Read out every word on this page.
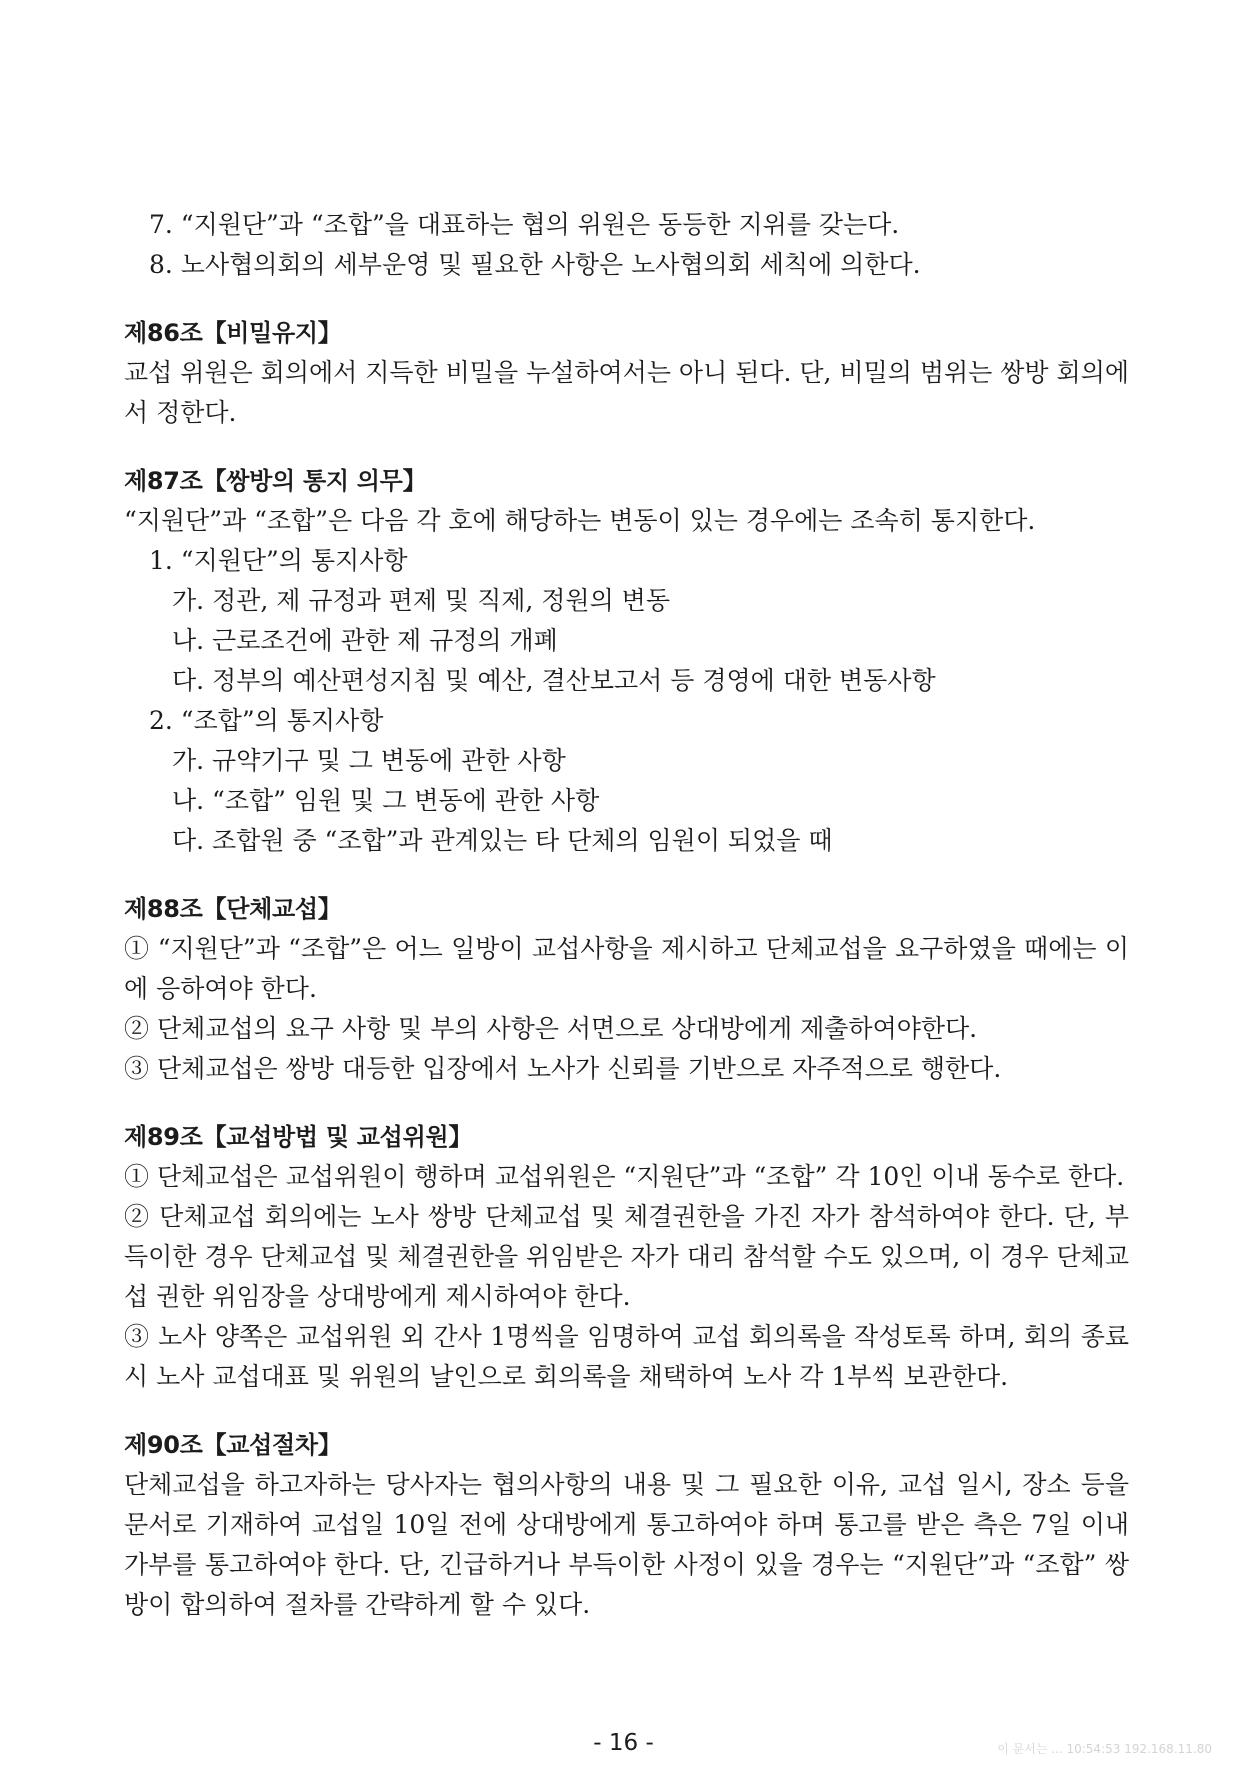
7. “지원단”과 “조합”을 대표하는 협의 위원은 동등한 지위를 갖는다.

8. 노사협의회의 세부운영 및 필요한 사항은 노사협의회 세칙에 의한다.

제86조【비밀유지】

교섭 위원은 회의에서 지득한 비밀을 누설하여서는 아니 된다. 단, 비밀의 범위는 쌍방 회의에서 정한다.

제87조【쌍방의 통지 의무】

“지원단”과 “조합”은 다음 각 호에 해당하는 변동이 있는 경우에는 조속히 통지한다.

1. “지원단”의 통지사항

가. 정관, 제 규정과 편제 및 직제, 정원의 변동

나. 근로조건에 관한 제 규정의 개폐

다. 정부의 예산편성지침 및 예산, 결산보고서 등 경영에 대한 변동사항

2. “조합”의 통지사항

가. 규약기구 및 그 변동에 관한 사항

나. “조합” 임원 및 그 변동에 관한 사항

다. 조합원 중 “조합”과 관계있는 타 단체의 임원이 되었을 때

제88조【단체교섭】

① “지원단”과 “조합”은 어느 일방이 교섭사항을 제시하고 단체교섭을 요구하였을 때에는 이에 응하여야 한다.

② 단체교섭의 요구 사항 및 부의 사항은 서면으로 상대방에게 제출하여야한다.

③ 단체교섭은 쌍방 대등한 입장에서 노사가 신뢰를 기반으로 자주적으로 행한다.

제89조【교섭방법 및 교섭위원】

① 단체교섭은 교섭위원이 행하며 교섭위원은 “지원단”과 “조합” 각 10인 이내 동수로 한다.

② 단체교섭 회의에는 노사 쌍방 단체교섭 및 체결권한을 가진 자가 참석하여야 한다. 단, 부득이한 경우 단체교섭 및 체결권한을 위임받은 자가 대리 참석할 수도 있으며, 이 경우 단체교섭 권한 위임장을 상대방에게 제시하여야 한다.

③ 노사 양쪽은 교섭위원 외 간사 1명씩을 임명하여 교섭 회의록을 작성토록 하며, 회의 종료 시 노사 교섭대표 및 위원의 날인으로 회의록을 채택하여 노사 각 1부씩 보관한다.

제90조【교섭절차】

단체교섭을 하고자하는 당사자는 협의사항의 내용 및 그 필요한 이유, 교섭 일시, 장소 등을 문서로 기재하여 교섭일 10일 전에 상대방에게 통고하여야 하며 통고를 받은 측은 7일 이내 가부를 통고하여야 한다. 단, 긴급하거나 부득이한 사정이 있을 경우는 “지원단”과 “조합” 쌍방이 합의하여 절차를 간략하게 할 수 있다.

- 16 -	이 문서는 ... 10:54:53 192.168.11.80
